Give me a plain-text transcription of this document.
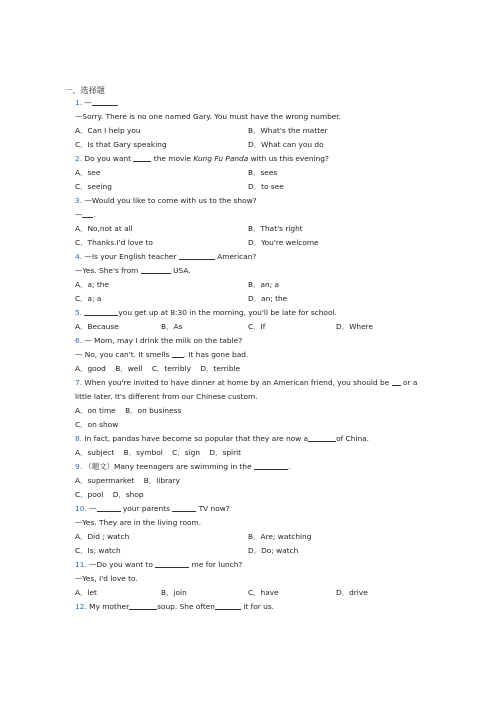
一、选择题
1. —
—Sorry. There is no one named Gary. You must have the wrong number.
A．Can I help you	B．What's the matter
C．Is that Gary speaking	D．What can you do
2. Do you want	the movie Kung Fu Panda with us this evening?
A．see	B．sees
C．seeing	D．to see
3. —Would you like to come with us to the show?
— .
A．No,not at all	B．That's right
C．Thanks.I'd love to	D．You're welcome
4. —Is your English teacher	American?
—Yes. She's from	USA.
A．a; the	B．an; a
C．a; a	D．an; the
5.	you get up at 8:30 in the morning, you'll be late for school.
A．Because	B．As	C．If	D．Where
6. — Mom, may I drink the milk on the table?
— No, you can't. It smells . It has gone bad.
A．good    B．well    C．terribly    D．terrible
7. When you're invited to have dinner at home by an American friend, you should be or a
little later. It's different from our Chinese custom.
A．on time    B．on business
C．on show
8. In fact, pandas have become so popular that they are now a	of China.
A．subject    B．symbol    C．sign    D．spirit
9. （题文）Many teenagers are swimming in the	.
A．supermarket    B．library
C．pool    D．shop
10. —	your parents	TV now?
—Yes. They are in the living room.
A．Did ; watch	B．Are; watching
C．Is; watch	D．Do; watch
11. —Do you want to	me for lunch?
—Yes, I'd love to.
A．let	B．join	C．have	D．drive
12. My mother	soup. She often	it for us.
